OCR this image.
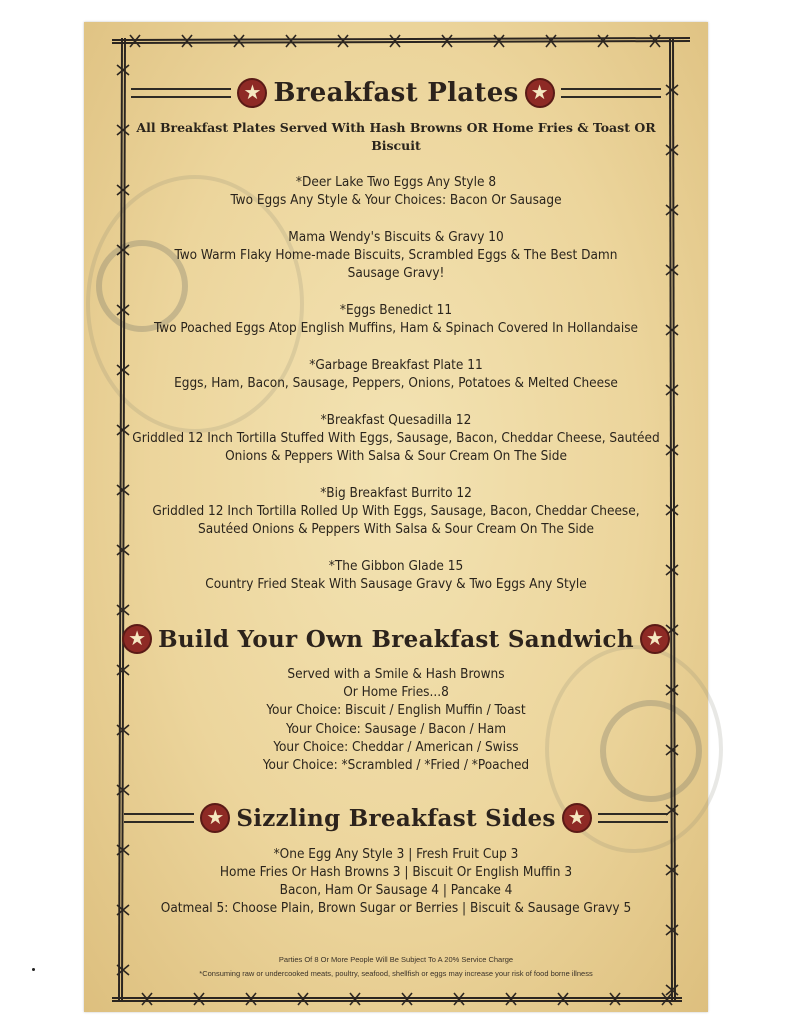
★ Breakfast Plates ★
All Breakfast Plates Served With Hash Browns OR Home Fries & Toast OR Biscuit
*Deer Lake Two Eggs Any Style 8
Two Eggs Any Style & Your Choices: Bacon Or Sausage
Mama Wendy's Biscuits & Gravy 10
Two Warm Flaky Home-made Biscuits, Scrambled Eggs & The Best Damn Sausage Gravy!
*Eggs Benedict 11
Two Poached Eggs Atop English Muffins, Ham & Spinach Covered In Hollandaise
*Garbage Breakfast Plate 11
Eggs, Ham, Bacon, Sausage, Peppers, Onions, Potatoes & Melted Cheese
*Breakfast Quesadilla 12
Griddled 12 Inch Tortilla Stuffed With Eggs, Sausage, Bacon, Cheddar Cheese, Sautéed Onions & Peppers With Salsa & Sour Cream On The Side
*Big Breakfast Burrito 12
Griddled 12 Inch Tortilla Rolled Up With Eggs, Sausage, Bacon, Cheddar Cheese, Sautéed Onions & Peppers With Salsa & Sour Cream On The Side
*The Gibbon Glade 15
Country Fried Steak With Sausage Gravy & Two Eggs Any Style
★ Build Your Own Breakfast Sandwich ★
Served with a Smile & Hash Browns
Or Home Fries...8
Your Choice: Biscuit / English Muffin / Toast
Your Choice: Sausage / Bacon / Ham
Your Choice: Cheddar / American / Swiss
Your Choice: *Scrambled / *Fried / *Poached
★ Sizzling Breakfast Sides ★
*One Egg Any Style 3 | Fresh Fruit Cup 3
Home Fries Or Hash Browns 3 | Biscuit Or English Muffin 3
Bacon, Ham Or Sausage 4 | Pancake 4
Oatmeal 5: Choose Plain, Brown Sugar or Berries | Biscuit & Sausage Gravy 5
Parties Of 8 Or More People Will Be Subject To A 20% Service Charge
*Consuming raw or undercooked meats, poultry, seafood, shellfish or eggs may increase your risk of food borne illness
